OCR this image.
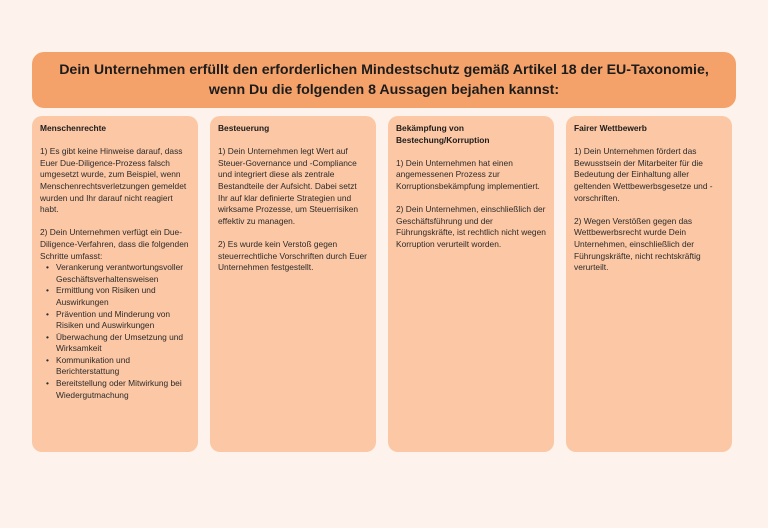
Dein Unternehmen erfüllt den erforderlichen Mindestschutz gemäß Artikel 18 der EU-Taxonomie, wenn Du die folgenden 8 Aussagen bejahen kannst:

Menschenrechte

1) Es gibt keine Hinweise darauf, dass Euer Due-Diligence-Prozess falsch umgesetzt wurde, zum Beispiel, wenn Menschenrechtsverletzungen gemeldet wurden und Ihr darauf nicht reagiert habt.

2) Dein Unternehmen verfügt ein Due-Diligence-Verfahren, dass die folgenden Schritte umfasst:

• Verankerung verantwortungsvoller Geschäftsverhaltensweisen
• Ermittlung von Risiken und Auswirkungen
• Prävention und Minderung von Risiken und Auswirkungen
• Überwachung der Umsetzung und Wirksamkeit
• Kommunikation und Berichterstattung
• Bereitstellung oder Mitwirkung bei Wiedergutmachung

Besteuerung

1) Dein Unternehmen legt Wert auf Steuer-Governance und -Compliance und integriert diese als zentrale Bestandteile der Aufsicht. Dabei setzt Ihr auf klar definierte Strategien und wirksame Prozesse, um Steuerrisiken effektiv zu managen.

2) Es wurde kein Verstoß gegen steuerrechtliche Vorschriften durch Euer Unternehmen festgestellt.

Bekämpfung von Bestechung/Korruption

1) Dein Unternehmen hat einen angemessenen Prozess zur Korruptionsbekämpfung implementiert.

2) Dein Unternehmen, einschließlich der Geschäftsführung und der Führungskräfte, ist rechtlich nicht wegen Korruption verurteilt worden.

Fairer Wettbewerb

1) Dein Unternehmen fördert das Bewusstsein der Mitarbeiter für die Bedeutung der Einhaltung aller geltenden Wettbewerbsgesetze und -vorschriften.

2) Wegen Verstößen gegen das Wettbewerbsrecht wurde Dein Unternehmen, einschließlich der Führungskräfte, nicht rechtskräftig verurteilt.
